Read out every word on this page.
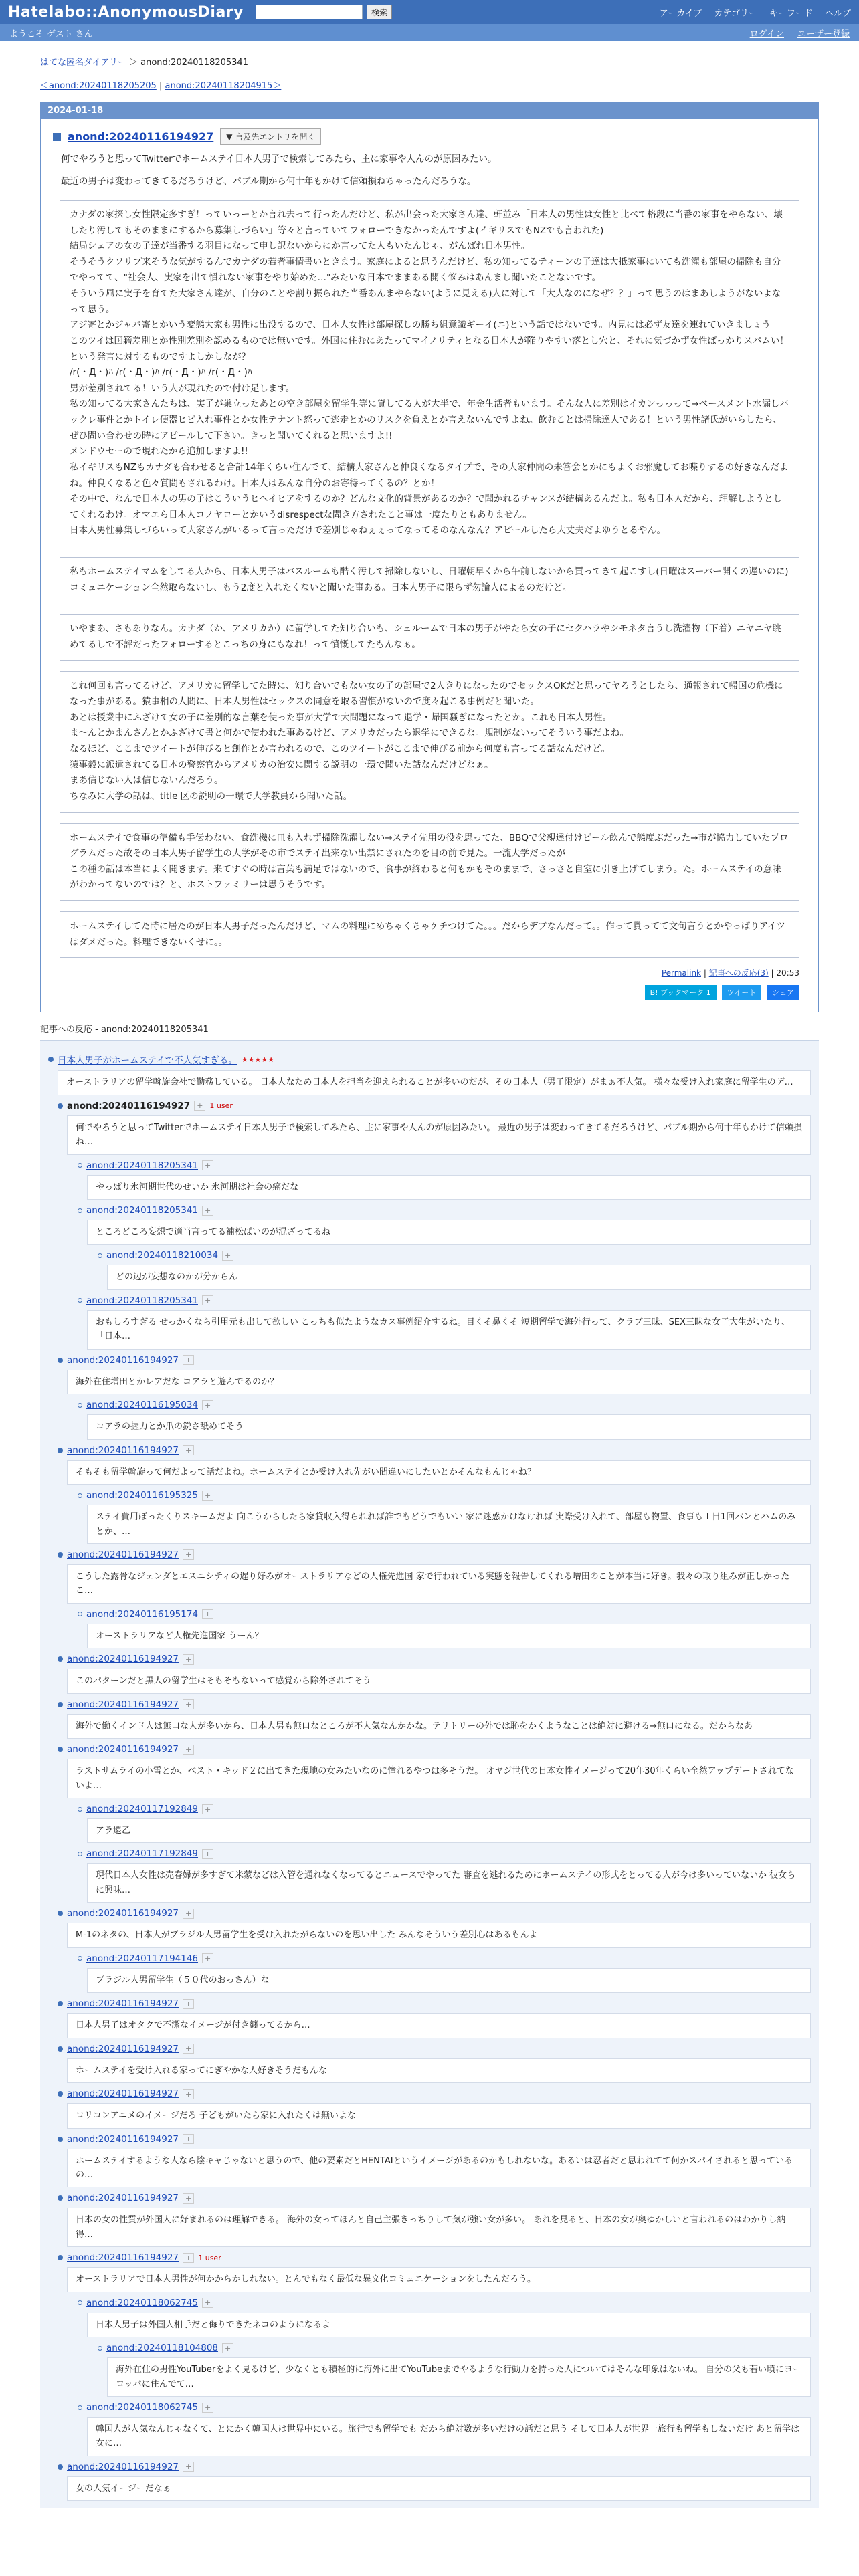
Hatelabo::AnonymousDiary	検索	アーカイブ カテゴリー キーワード ヘルプ
ようこそ ゲスト さん	ログイン ユーザー登録
はてな匿名ダイアリー ＞ anond:20240118205341
＜anond:20240118205205 | anond:20240118204915＞
2024-01-18
anond:20240116194927	▼ 言及先エントリを開く
何でやろうと思ってTwitterでホームステイ日本人男子で検索してみたら、主に家事や人んのが原因みたい。
最近の男子は変わってきてるだろうけど、パブル期から何十年もかけて信頼損ねちゃったんだろうな。
カナダの家探し女性限定多すぎ！っていっーとか言れ去って行ったんだけど、私が出会った大家さん達、軒並み「日本人の男性は女性と比べて格段に当番の家事をやらない、壊したり汚してもそのままにするから募集しづらい」等々と言っていてフォローできなかったんですよ(イギリスでもNZでも言われた)
結局シェアの女の子達が当番する羽目になって申し訳ないからにか言ってた人もいたんじゃ、がんばれ日本男性。
そうそうクソリプ来そうな気がするんでカナダの若者事情書いときます。家庭によると思うんだけど、私の知ってるティーンの子達は大抵家事にいても洗濯も部屋の掃除も自分でやってて、"社会人、実家を出て慣れない家事をやり始めた…"みたいな日本でままある開く悩みはあんまし聞いたことないです。
そういう風に実子を育てた大家さん達が、自分のことや割り振られた当番あんまやらない(ように見える)人に対して「大人なのになぜ？？」って思うのはまあしようがないよなって思う。
アジ寄とかジャパ寄とかいう変態大家も男性に出没するので、日本人女性は部屋探しの勝ち組意識ギーイ(ニ)という話ではないです。内見には必ず友達を連れていきましょう
このツイは国籍差別とか性別差別を認めるものでは無いです。外国に住むにあたってマイノリティとなる日本人が陥りやすい落とし穴と、それに気づかず女性ばっかりスパムい！という発言に対するものですよしかしなが？
/r(・Д・)ﾊ /r(・Д・)ﾊ /r(・Д・)ﾊ /r(・Д・)ﾊ
男が差別されてる！いう人が現れたので付け足します。
私の知ってる大家さんたちは、実子が巣立ったあとの空き部屋を留学生等に貸してる人が大半で、年金生活者もいます。そんな人に差別はイカンっっって→ベースメント水漏しバックレ事件とかトイレ便器ヒビ入れ事件とか女性テナント怒って逃走とかのリスクを負えとか言えないんですよね。飲むことは掃除達人である！という男性諸氏がいらしたら、ぜひ問い合わせの時にアピールして下さい。きっと聞いてくれると思いますよ!!
メンドウセーので現れたから追加しますよ!!
私イギリスもNZもカナダも合わせると合計14年くらい住んでて、結構大家さんと仲良くなるタイプで、その大家仲間の未答会とかにもよくお邪魔してお喋りするの好きなんだよね。仲良くなると色々質問もされるわけ。日本人はみんな自分のお寄待ってくるの？とか！
その中で、なんで日本人の男の子はこういうヒヘイヒアをするのか？どんな文化的背景があるのか？で聞かれるチャンスが結構あるんだよ。私も日本人だから、理解しようとしてくれるわけ。オマエら日本人コノヤローとかいうdisrespectな聞き方されたこと事は一度たりともありません。
日本人男性募集しづらいって大家さんがいるって言っただけで差別じゃねぇぇってなってるのなんなん？アピールしたら大丈夫だよゆうとるやん。
私もホームステイマムをしてる人から、日本人男子はバスルームも酷く汚して掃除しないし、日曜朝早くから午前しないから買ってきて起こすし(日曜はスーパー開くの遅いのに)コミュニケーション全然取らないし、もう2度と入れたくないと聞いた事ある。日本人男子に限らず勿論人によるのだけど。
いやまあ、さもありなん。カナダ（か、アメリカか）に留学してた知り合いも、シェルームで日本の男子がやたら女の子にセクハラやシモネタ言うし洗濯物（下着）ニヤニヤ眺めてるしで不評だったフォローするとこっちの身にもなれ！って憤慨してたもんなぁ。
これ何回も言ってるけど、アメリカに留学してた時に、知り合いでもない女の子の部屋で2人きりになったのでセックスOKだと思ってヤろうとしたら、通報されて帰国の危機になった事がある。猿事相の人間に、日本人男性はセックスの同意を取る習慣がないので度々起こる事例だと聞いた。
あとは授業中にふざけて女の子に差別的な言葉を使った事が大学で大問題になって退学・帰国騒ぎになったとか。これも日本人男性。
ま～んとかまんさんとかふざけて書と何かで使われた事あるけど、アメリカだったら退学にできるな。規制がないってそういう事だよね。
なるほど、ここまでツイートが伸びると創作とか言われるので、このツイートがここまで伸びる前から何度も言ってる話なんだけど。
猿事毅に派遣されてる日本の警察官からアメリカの治安に関する説明の一環で聞いた話なんだけどなぁ。
まあ信じない人は信じないんだろう。
ちなみに大学の話は、title 区の説明の一環で大学教員から聞いた話。
ホームステイで食事の準備も手伝わない、食洗機に皿も入れず掃除洗濯しない→ステイ先用の役を思ってた、BBQで父親達付けビール飲んで態度ぶだった→市が協力していたプログラムだった故その日本人男子留学生の大学がその市でステイ出来ない出禁にされたのを目の前で見た。一流大学だったが
この種の話は本当によく聞きます。来てすぐの時は言葉も満足ではないので、食事が終わると何もかもそのままで、さっさと自室に引き上げてしまう。た。ホームステイの意味がわかってないのでは？と、ホストファミリーは思うそうです。
ホームステイしてた時に居たのが日本人男子だったんだけど、マムの料理にめちゃくちゃケチつけてた。。。だからデブなんだって。。作って貰ってて文句言うとかやっぱりアイツはダメだった。料理できないくせに。。
Permalink | 記事への反応(3) | 20:53
B! ブックマーク 1	ツイート	シェア
記事への反応 - anond:20240118205341
日本人男子がホームステイで不人気すぎる。 ★★★★★
オーストラリアの留学斡旋会社で勤務している。 日本人なため日本人を担当を迎えられることが多いのだが、その日本人（男子限定）がまぁ不人気。 様々な受け入れ家庭に留学生のデ…
anond:20240116194927 + 1 user
何でやろうと思ってTwitterでホームステイ日本人男子で検索してみたら、主に家事や人んのが原因みたい。 最近の男子は変わってきてるだろうけど、パブル期から何十年もかけて信頼損ね…
anond:20240118205341 +
やっぱり氷河期世代のせいか 氷河期は社会の癌だな
anond:20240118205341 +
ところどころ妄想で適当言ってる補松ぱいのが混ざってるね
anond:20240118210034 +
どの辺が妄想なのかが分からん
anond:20240118205341 +
おもしろすぎる せっかくなら引用元も出して欲しい こっちも似たようなカス事例紹介するね。目くそ鼻くそ 短期留学で海外行って、クラブ三昧、SEX三昧な女子大生がいたり、「日本…
anond:20240116194927 +
海外在住増田とかレアだな コアラと遊んでるのか？
anond:20240116195034 +
コアラの握力とか爪の鋭さ舐めてそう
anond:20240116194927 +
そもそも留学斡旋って何だよって話だよね。ホームステイとか受け入れ先がい間違いにしたいとかそんなもんじゃね？
anond:20240116195325 +
ステイ費用ぼったくりスキームだよ 向こうからしたら家貸収入得られれば誰でもどうでもいい 家に迷惑かけなければ 実際受け入れて、部屋も物置、食事も１日1回パンとハムのみとか、…
anond:20240116194927 +
こうした露骨なジェンダとエスニシティの遅り好みがオーストラリアなどの人権先進国 家で行われている実態を報告してくれる増田のことが本当に好き。我々の取り組みが正しかったこ…
anond:20240116195174 +
オーストラリアなど人権先進国家 うーん？
anond:20240116194927 +
このパターンだと黒人の留学生はそもそもないって感覚から除外されてそう
anond:20240116194927 +
海外で働くインド人は無口な人が多いから、日本人男も無口なところが不人気なんかかな。テリトリーの外では恥をかくようなことは絶対に避ける→無口になる。だからなあ
anond:20240116194927 +
ラストサムライの小雪とか、ベスト・キッド２に出てきた現地の女みたいなのに憧れるやつは多そうだ。 オヤジ世代の日本女性イメージって20年30年くらい全然アップデートされてないよ…
anond:20240117192849 +
アラ還乙
anond:20240117192849 +
現代日本人女性は売春婦が多すぎて米蒙などは入管を通れなくなってるとニュースでやってた 審査を逃れるためにホームステイの形式をとってる人が今は多いっていないか 彼女らに興味…
anond:20240116194927 +
M-1のネタの、日本人がブラジル人男留学生を受け入れたがらないのを思い出した みんなそういう差別心はあるもんよ
anond:20240117194146 +
ブラジル人男留学生（５０代のおっさん）な
anond:20240116194927 +
日本人男子はオタクで不潔なイメージが付き纏ってるから…
anond:20240116194927 +
ホームステイを受け入れる家ってにぎやかな人好きそうだもんな
anond:20240116194927 +
ロリコンアニメのイメージだろ 子どもがいたら家に入れたくは無いよな
anond:20240116194927 +
ホームステイするような人なら陰キャじゃないと思うので、他の要素だとHENTAIというイメージがあるのかもしれないな。あるいは忍者だと思われてて何かスパイされると思っているの…
anond:20240116194927 +
日本の女の性質が外国人に好まれるのは理解できる。 海外の女ってほんと自己主張きっちりして気が強い女が多い。 あれを見ると、日本の女が奥ゆかしいと言われるのはわかりし納得…
anond:20240116194927 + 1 user
オーストラリアで日本人男性が何かからかしれない。とんでもなく最低な異文化コミュニケーションをしたんだろう。
anond:20240118062745 +
日本人男子は外国人相手だと侮りできたネコのようになるよ
anond:20240118104808 +
海外在住の男性YouTuberをよく見るけど、少なくとも積極的に海外に出てYouTubeまでやるような行動力を持った人についてはそんな印象はないね。 自分の父も若い頃にヨーロッパに住んでて…
anond:20240118062745 +
韓国人が人気なんじゃなくて、とにかく韓国人は世界中にいる。旅行でも留学でも だから絶対数が多いだけの話だと思う そして日本人が世界一旅行も留学もしないだけ あと留学は女に…
anond:20240116194927 +
女の人気イージーだなぁ
